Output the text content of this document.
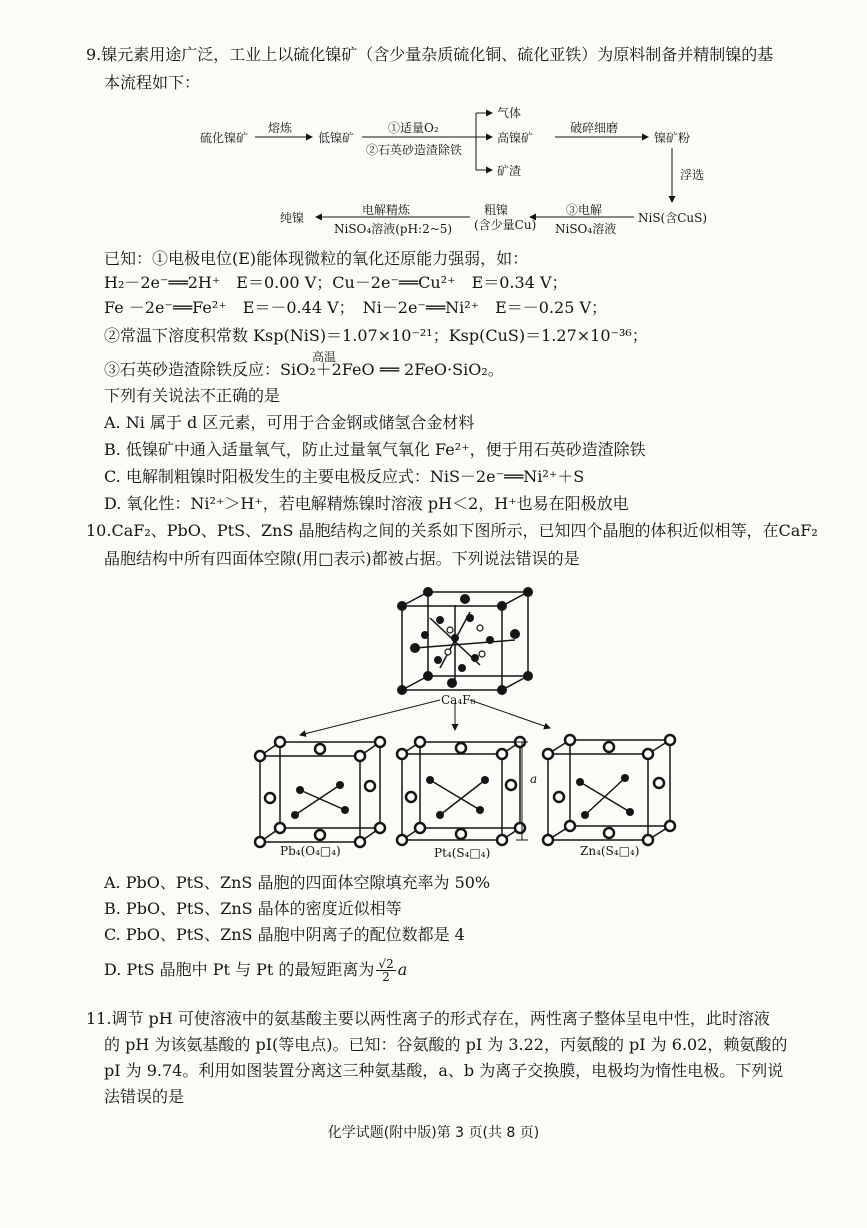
9.镍元素用途广泛，工业上以硫化镍矿（含少量杂质硫化铜、硫化亚铁）为原料制备并精制镍的基
本流程如下：
硫化镍矿
熔炼
低镍矿
①适量O₂
②石英砂造渣除铁
气体
高镍矿
矿渣
破碎细磨
镍矿粉
浮选
NiS(含CuS)
③电解
NiSO₄溶液
粗镍
(含少量Cu)
电解精炼
NiSO₄溶液(pH:2~5)
纯镍
已知：①电极电位(E)能体现微粒的氧化还原能力强弱，如：
H₂－2e⁻══2H⁺　E＝0.00 V；Cu－2e⁻══Cu²⁺　E＝0.34 V；
Fe －2e⁻══Fe²⁺　E＝－0.44 V；　Ni－2e⁻══Ni²⁺　E＝－0.25 V；
②常温下溶度积常数 Ksp(NiS)＝1.07×10⁻²¹；Ksp(CuS)＝1.27×10⁻³⁶；
高温
③石英砂造渣除铁反应：SiO₂＋2FeO ══ 2FeO·SiO₂。
下列有关说法不正确的是
A. Ni 属于 d 区元素，可用于合金钢或储氢合金材料
B. 低镍矿中通入适量氧气，防止过量氧气氧化 Fe²⁺，便于用石英砂造渣除铁
C. 电解制粗镍时阳极发生的主要电极反应式：NiS－2e⁻══Ni²⁺＋S
D. 氧化性：Ni²⁺＞H⁺，若电解精炼镍时溶液 pH＜2，H⁺也易在阳极放电
10.CaF₂、PbO、PtS、ZnS 晶胞结构之间的关系如下图所示，已知四个晶胞的体积近似相等，在CaF₂
晶胞结构中所有四面体空隙(用□表示)都被占据。下列说法错误的是
Ca₄F₈
Pb₄(O₄□₄)	Pt₄(S₄□₄)	Zn₄(S₄□₄)
a
A. PbO、PtS、ZnS 晶胞的四面体空隙填充率为 50%
B. PbO、PtS、ZnS 晶体的密度近似相等
C. PbO、PtS、ZnS 晶胞中阴离子的配位数都是 4
D. PtS 晶胞中 Pt 与 Pt 的最短距离为 $\frac{√2}{2}$ a
11.调节 pH 可使溶液中的氨基酸主要以两性离子的形式存在，两性离子整体呈电中性，此时溶液
的 pH 为该氨基酸的 pI(等电点)。已知：谷氨酸的 pI 为 3.22，丙氨酸的 pI 为 6.02，赖氨酸的
pI 为 9.74。利用如图装置分离这三种氨基酸，a、b 为离子交换膜，电极均为惰性电极。下列说
法错误的是
化学试题(附中版)第 3 页(共 8 页)
